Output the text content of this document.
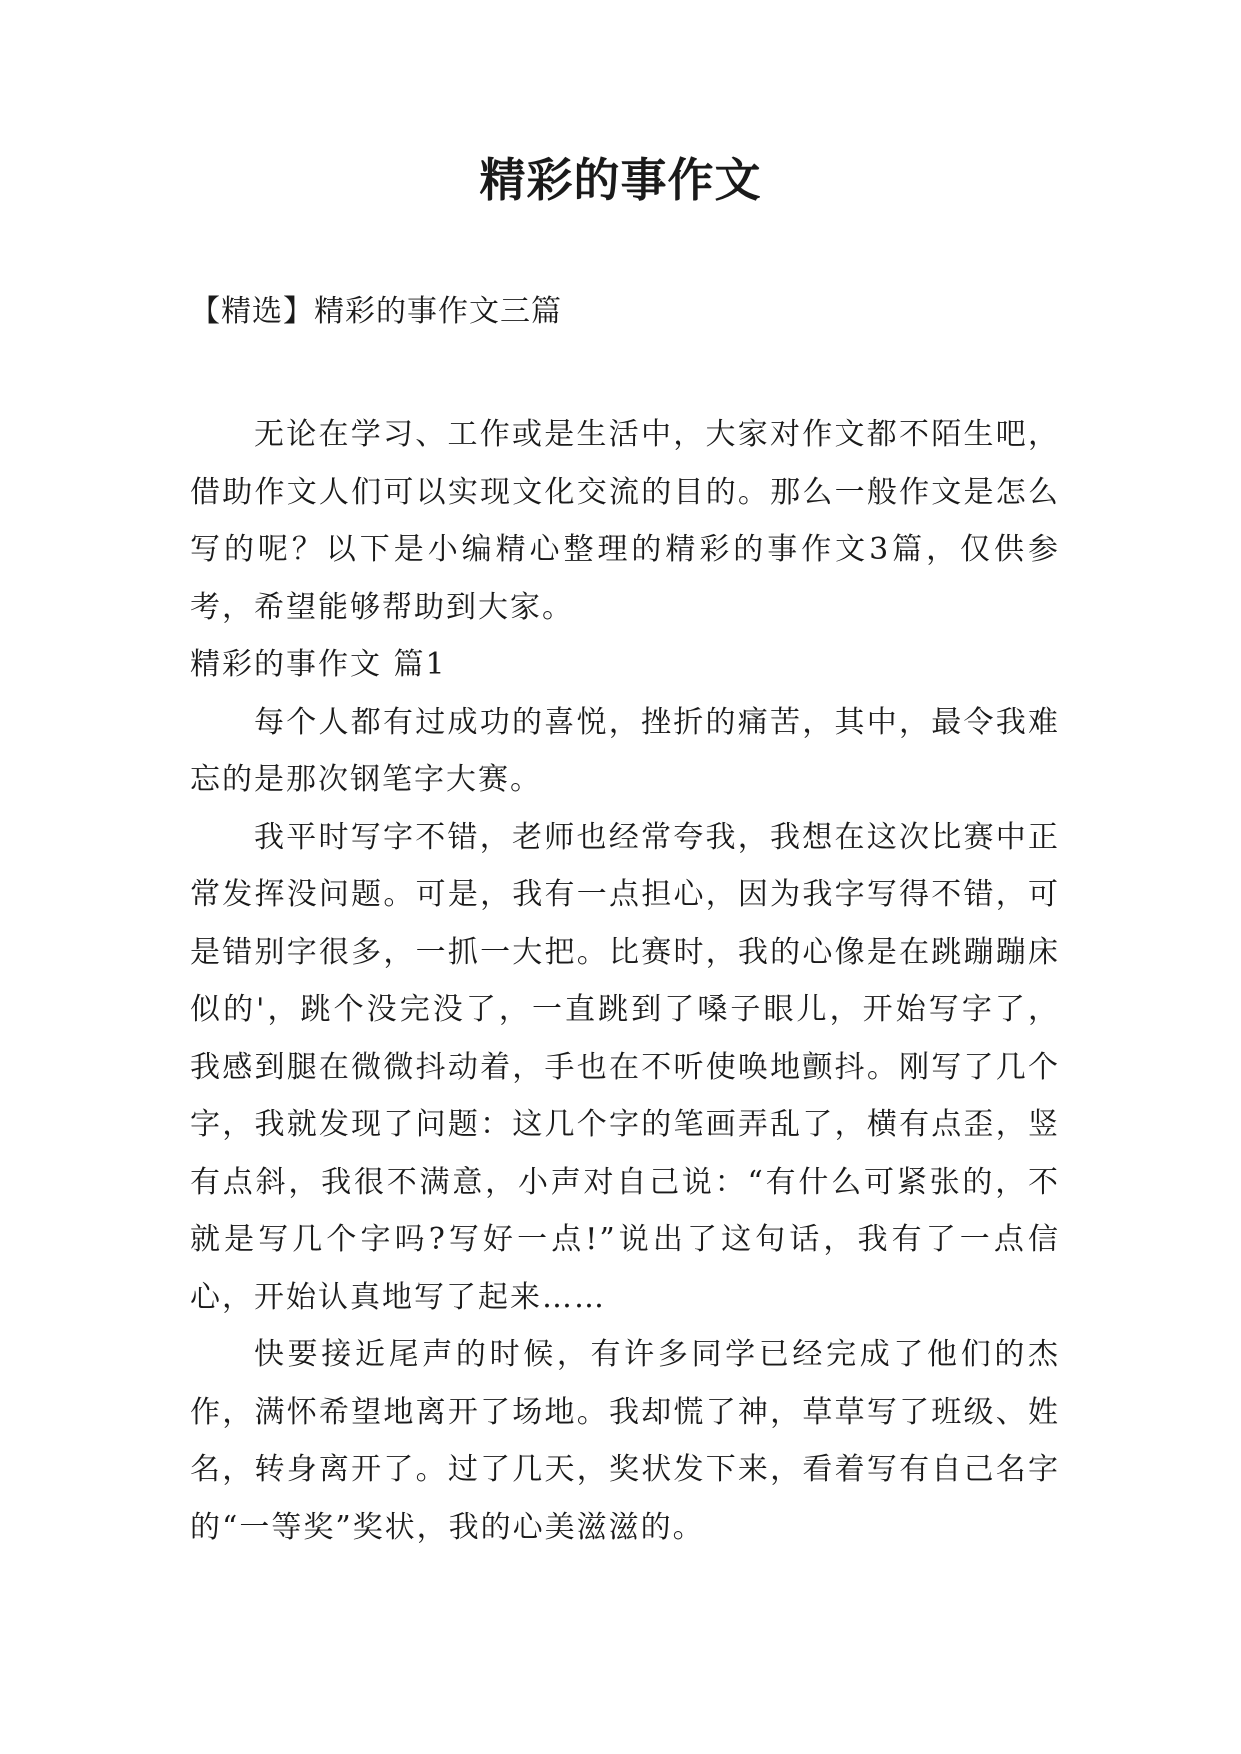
精彩的事作文

【精选】精彩的事作文三篇

无论在学习、工作或是生活中，大家对作文都不陌生吧，借助作文人们可以实现文化交流的目的。那么一般作文是怎么写的呢？以下是小编精心整理的精彩的事作文3篇，仅供参考，希望能够帮助到大家。

精彩的事作文 篇1

每个人都有过成功的喜悦，挫折的痛苦，其中，最令我难忘的是那次钢笔字大赛。

我平时写字不错，老师也经常夸我，我想在这次比赛中正常发挥没问题。可是，我有一点担心，因为我字写得不错，可是错别字很多，一抓一大把。比赛时，我的心像是在跳蹦蹦床似的'，跳个没完没了，一直跳到了嗓子眼儿，开始写字了，我感到腿在微微抖动着，手也在不听使唤地颤抖。刚写了几个字，我就发现了问题：这几个字的笔画弄乱了，横有点歪，竖有点斜，我很不满意，小声对自己说：“有什么可紧张的，不就是写几个字吗?写好一点!”说出了这句话，我有了一点信心，开始认真地写了起来……

快要接近尾声的时候，有许多同学已经完成了他们的杰作，满怀希望地离开了场地。我却慌了神，草草写了班级、姓名，转身离开了。过了几天，奖状发下来，看着写有自己名字的“一等奖”奖状，我的心美滋滋的。
